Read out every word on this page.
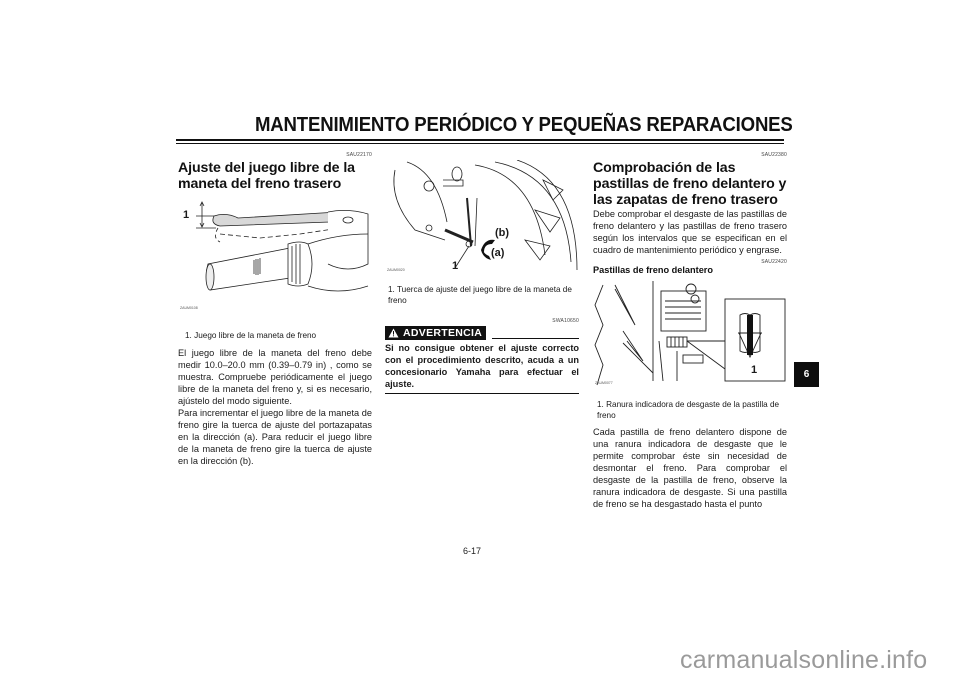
MANTENIMIENTO PERIÓDICO Y PEQUEÑAS REPARACIONES
SAU22170
Ajuste del juego libre de la maneta del freno trasero
1
ZAUM0108
1. Juego libre de la maneta de freno
El juego libre de la maneta del freno debe medir 10.0–20.0 mm (0.39–0.79 in) , como se muestra. Compruebe periódicamente el juego libre de la maneta del freno y, si es necesario, ajústelo del modo siguiente.
Para incrementar el juego libre de la maneta de freno gire la tuerca de ajuste del portazapatas en la dirección (a). Para reducir el juego libre de la maneta de freno gire la tuerca de ajuste en la dirección (b).
(b)
(a)
1
ZAUM0020
1. Tuerca de ajuste del juego libre de la maneta de freno
SWA10650
ADVERTENCIA
Si no consigue obtener el ajuste correcto con el procedimiento descrito, acuda a un concesionario Yamaha para efectuar el ajuste.
SAU22380
Comprobación de las pastillas de freno delantero y las zapatas de freno trasero
Debe comprobar el desgaste de las pastillas de freno delantero y las pastillas de freno trasero según los intervalos que se especifican en el cuadro de mantenimiento periódico y engrase.
SAU22420
Pastillas de freno delantero
1
ZAUM0077
1. Ranura indicadora de desgaste de la pastilla de freno
Cada pastilla de freno delantero dispone de una ranura indicadora de desgaste que le permite comprobar éste sin necesidad de desmontar el freno. Para comprobar el desgaste de la pastilla de freno, observe la ranura indicadora de desgaste. Si una pastilla de freno se ha desgastado hasta el punto
6-17
6
carmanualsonline.info
